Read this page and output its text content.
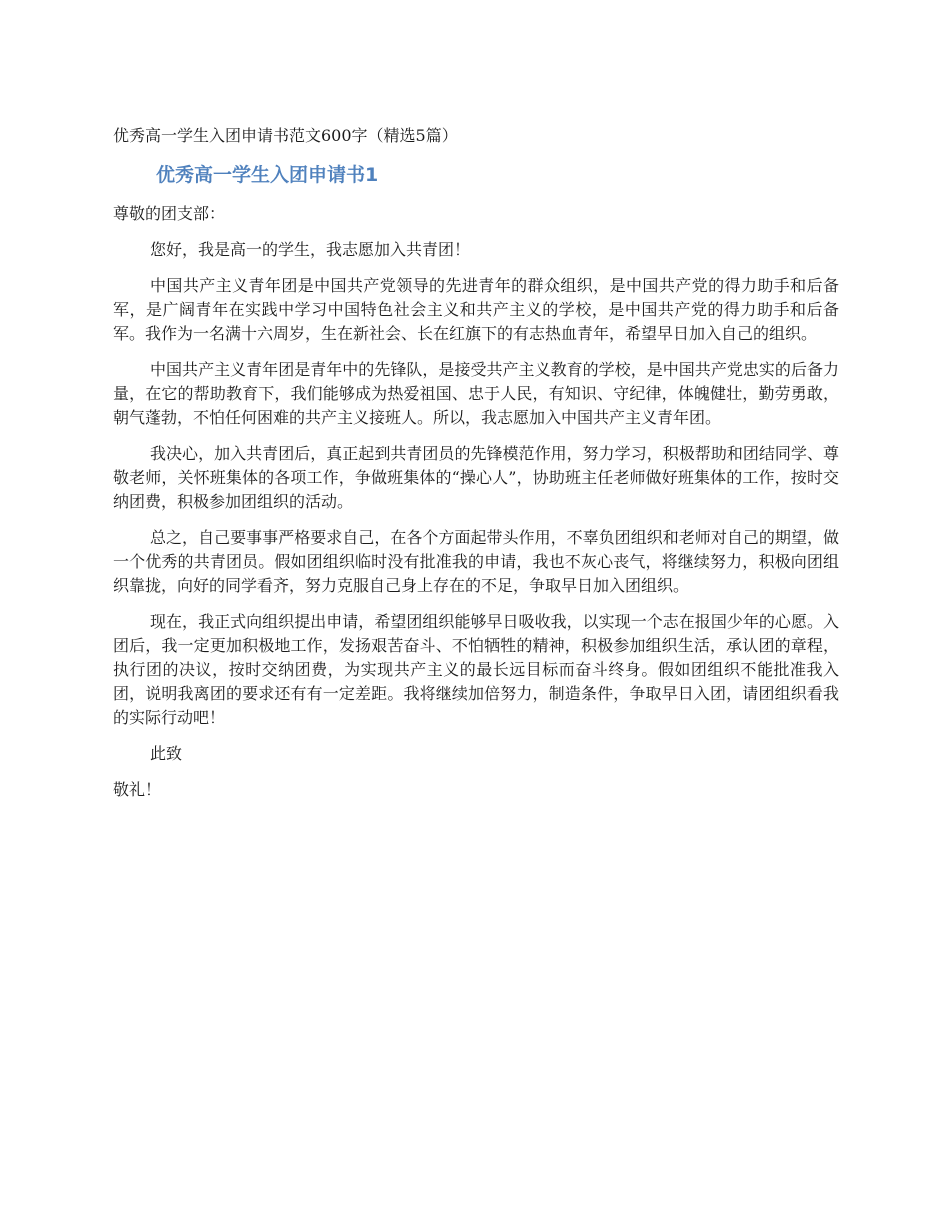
优秀高一学生入团申请书范文600字（精选5篇）

优秀高一学生入团申请书1

尊敬的团支部：

您好，我是高一的学生，我志愿加入共青团！

中国共产主义青年团是中国共产党领导的先进青年的群众组织，是中国共产党的得力助手和后备军，是广阔青年在实践中学习中国特色社会主义和共产主义的学校，是中国共产党的得力助手和后备军。我作为一名满十六周岁，生在新社会、长在红旗下的有志热血青年，希望早日加入自己的组织。

中国共产主义青年团是青年中的先锋队，是接受共产主义教育的学校，是中国共产党忠实的后备力量，在它的帮助教育下，我们能够成为热爱祖国、忠于人民，有知识、守纪律，体魄健壮，勤劳勇敢，朝气蓬勃，不怕任何困难的共产主义接班人。所以，我志愿加入中国共产主义青年团。

我决心，加入共青团后，真正起到共青团员的先锋模范作用，努力学习，积极帮助和团结同学、尊敬老师，关怀班集体的各项工作，争做班集体的“操心人”，协助班主任老师做好班集体的工作，按时交纳团费，积极参加团组织的活动。

总之，自己要事事严格要求自己，在各个方面起带头作用，不辜负团组织和老师对自己的期望，做一个优秀的共青团员。假如团组织临时没有批准我的申请，我也不灰心丧气，将继续努力，积极向团组织靠拢，向好的同学看齐，努力克服自己身上存在的不足，争取早日加入团组织。

现在，我正式向组织提出申请，希望团组织能够早日吸收我，以实现一个志在报国少年的心愿。入团后，我一定更加积极地工作，发扬艰苦奋斗、不怕牺牲的精神，积极参加组织生活，承认团的章程，执行团的决议，按时交纳团费，为实现共产主义的最长远目标而奋斗终身。假如团组织不能批准我入团，说明我离团的要求还有有一定差距。我将继续加倍努力，制造条件，争取早日入团，请团组织看我的实际行动吧！

此致

敬礼！
